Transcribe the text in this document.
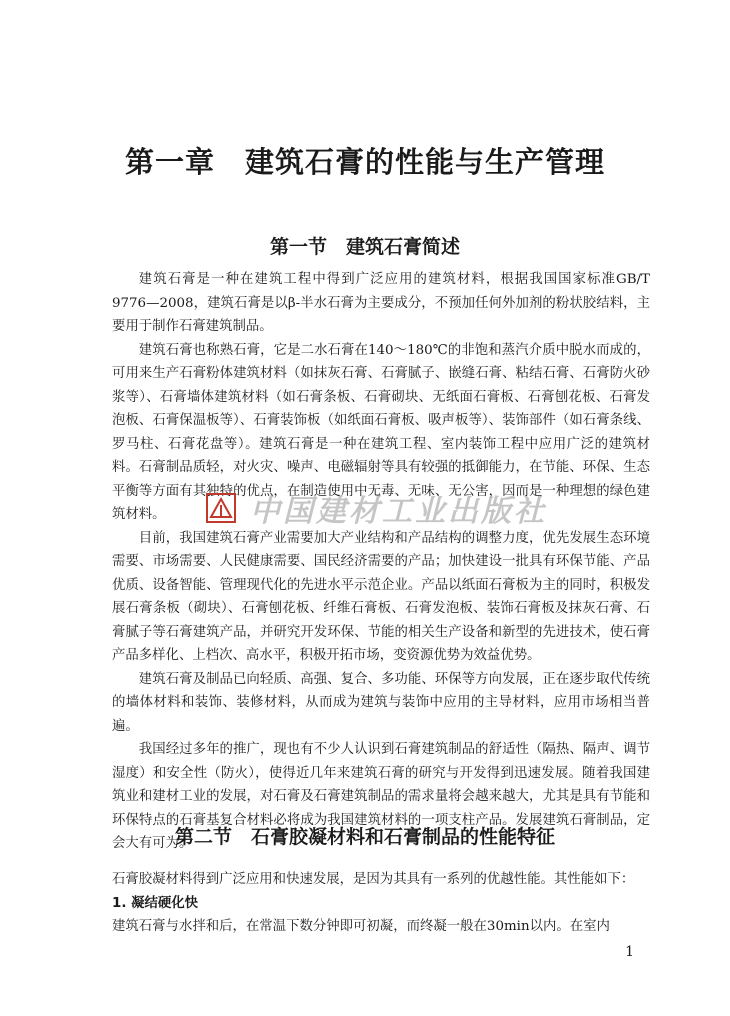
第一章　建筑石膏的性能与生产管理
第一节　建筑石膏简述

建筑石膏是一种在建筑工程中得到广泛应用的建筑材料，根据我国国家标准GB/T 9776—2008，建筑石膏是以β-半水石膏为主要成分，不预加任何外加剂的粉状胶结料，主要用于制作石膏建筑制品。

建筑石膏也称熟石膏，它是二水石膏在140～180℃的非饱和蒸汽介质中脱水而成的，可用来生产石膏粉体建筑材料（如抹灰石膏、石膏腻子、嵌缝石膏、粘结石膏、石膏防火砂浆等）、石膏墙体建筑材料（如石膏条板、石膏砌块、无纸面石膏板、石膏刨花板、石膏发泡板、石膏保温板等）、石膏装饰板（如纸面石膏板、吸声板等）、装饰部件（如石膏条线、罗马柱、石膏花盘等）。建筑石膏是一种在建筑工程、室内装饰工程中应用广泛的建筑材料。石膏制品质轻，对火灾、噪声、电磁辐射等具有较强的抵御能力，在节能、环保、生态平衡等方面有其独特的优点，在制造使用中无毒、无味、无公害，因而是一种理想的绿色建筑材料。

目前，我国建筑石膏产业需要加大产业结构和产品结构的调整力度，优先发展生态环境需要、市场需要、人民健康需要、国民经济需要的产品；加快建设一批具有环保节能、产品优质、设备智能、管理现代化的先进水平示范企业。产品以纸面石膏板为主的同时，积极发展石膏条板（砌块）、石膏刨花板、纤维石膏板、石膏发泡板、装饰石膏板及抹灰石膏、石膏腻子等石膏建筑产品，并研究开发环保、节能的相关生产设备和新型的先进技术，使石膏产品多样化、上档次、高水平，积极开拓市场，变资源优势为效益优势。

建筑石膏及制品已向轻质、高强、复合、多功能、环保等方向发展，正在逐步取代传统的墙体材料和装饰、装修材料，从而成为建筑与装饰中应用的主导材料，应用市场相当普遍。

我国经过多年的推广，现也有不少人认识到石膏建筑制品的舒适性（隔热、隔声、调节湿度）和安全性（防火），使得近几年来建筑石膏的研究与开发得到迅速发展。随着我国建筑业和建材工业的发展，对石膏及石膏建筑制品的需求量将会越来越大，尤其是具有节能和环保特点的石膏基复合材料必将成为我国建筑材料的一项支柱产品。发展建筑石膏制品，定会大有可为。

第二节　石膏胶凝材料和石膏制品的性能特征

石膏胶凝材料得到广泛应用和快速发展，是因为其具有一系列的优越性能。其性能如下：

1. 凝结硬化快

建筑石膏与水拌和后，在常温下数分钟即可初凝，而终凝一般在30min以内。在室内

中国建材工业出版社
1
